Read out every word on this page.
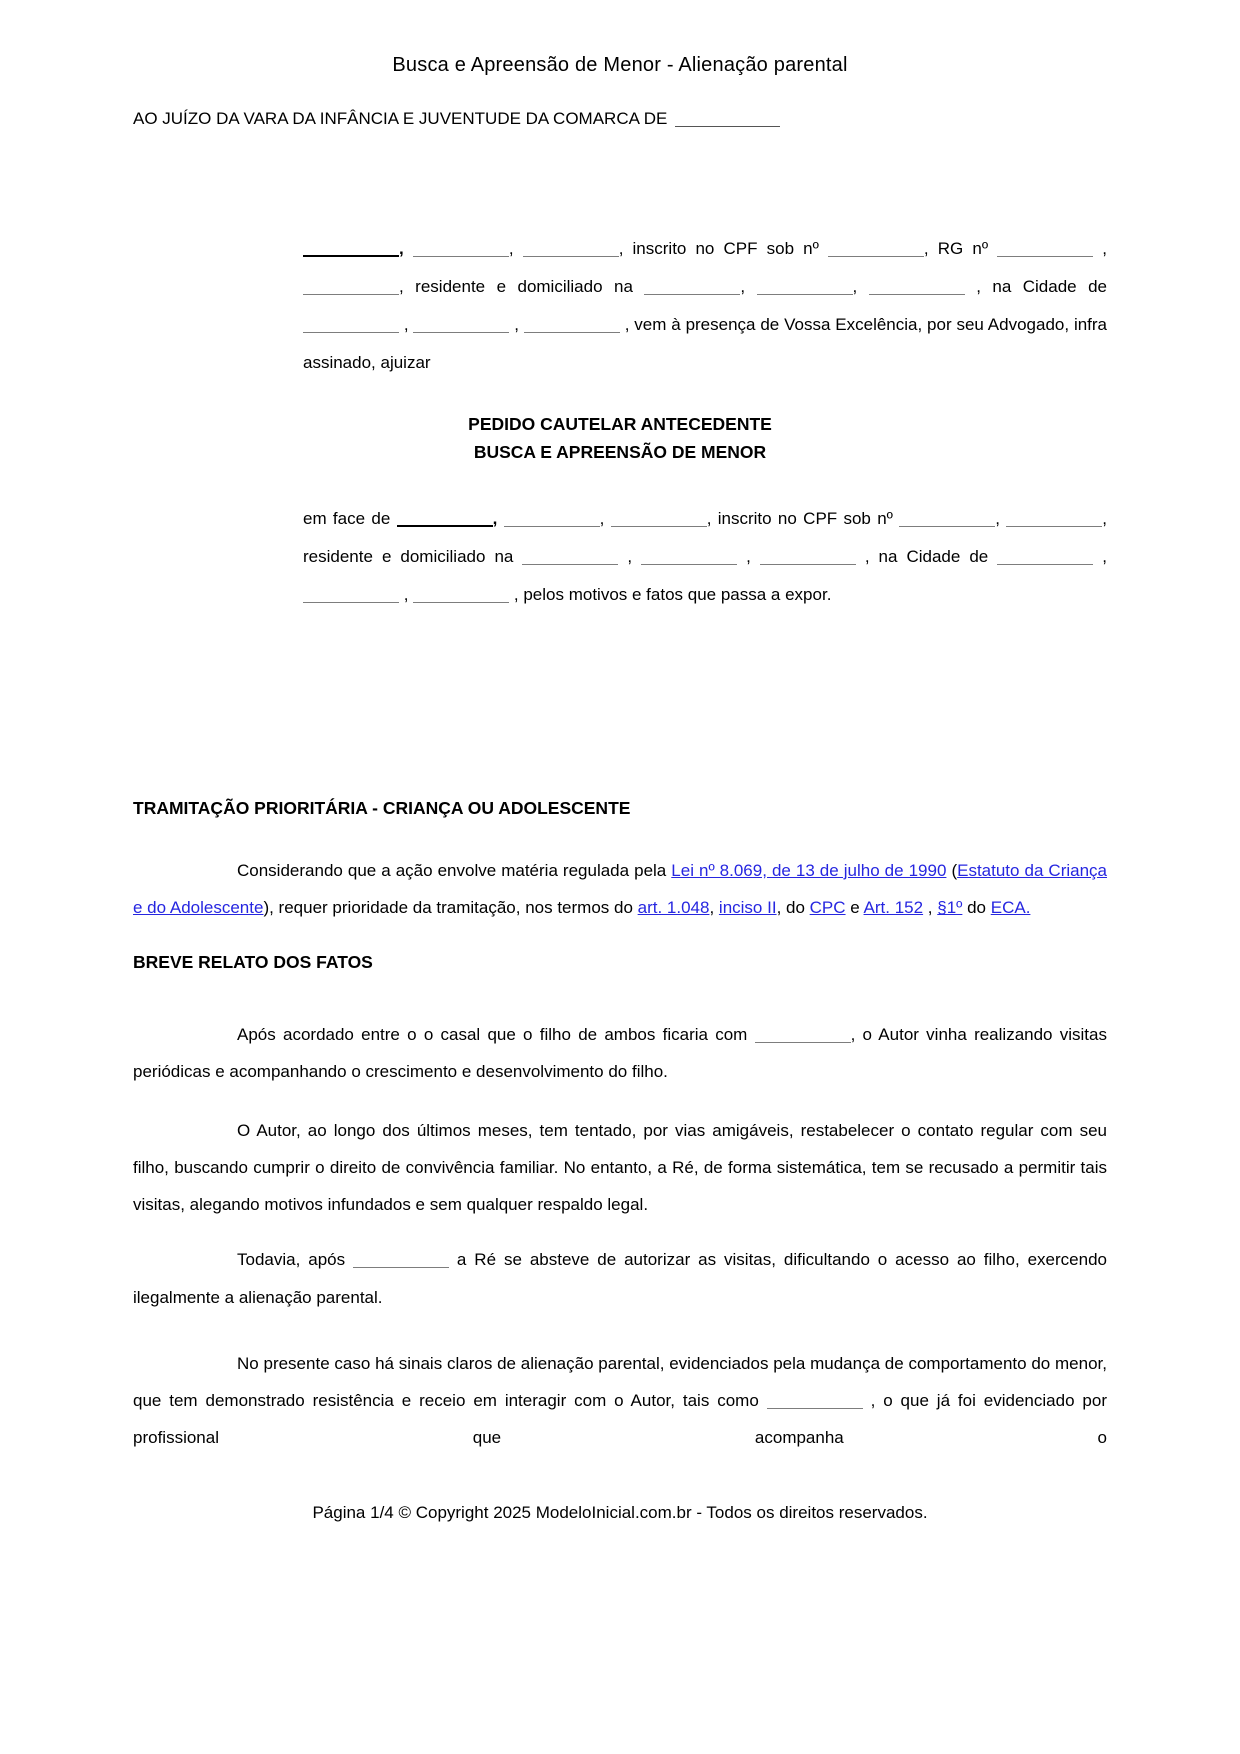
Busca e Apreensão de Menor - Alienação parental
AO JUÍZO DA VARA DA INFÂNCIA E JUVENTUDE DA COMARCA DE

,	,	, inscrito no CPF sob nº	, RG nº	, , residente e domiciliado na	,	,	, na Cidade de  ,	,	, vem à presença de Vossa Excelência, por seu Advogado, infra assinado, ajuizar

PEDIDO CAUTELAR ANTECEDENTE
BUSCA E APREENSÃO DE MENOR

em face de	,	,	, inscrito no CPF sob nº	,	, residente e domiciliado na	,	,	, na Cidade de	,  ,	, pelos motivos e fatos que passa a expor.

TRAMITAÇÃO PRIORITÁRIA - CRIANÇA OU ADOLESCENTE

Considerando que a ação envolve matéria regulada pela Lei nº 8.069, de 13 de julho de 1990 (Estatuto da Criança e do Adolescente), requer prioridade da tramitação, nos termos do art. 1.048, inciso II, do CPC e Art. 152 , §1º do ECA.

BREVE RELATO DOS FATOS

Após acordado entre o o casal que o filho de ambos ficaria com	, o Autor vinha realizando visitas periódicas e acompanhando o crescimento e desenvolvimento do filho.

O Autor, ao longo dos últimos meses, tem tentado, por vias amigáveis, restabelecer o contato regular com seu filho, buscando cumprir o direito de convivência familiar. No entanto, a Ré, de forma sistemática, tem se recusado a permitir tais visitas, alegando motivos infundados e sem qualquer respaldo legal.

Todavia, após	a Ré se absteve de autorizar as visitas, dificultando o acesso ao filho, exercendo ilegalmente a alienação parental.

No presente caso há sinais claros de alienação parental, evidenciados pela mudança de comportamento do menor, que tem demonstrado resistência e receio em interagir com o Autor, tais como	, o que já foi evidenciado por profissional que acompanha o

Página 1/4 © Copyright 2025 ModeloInicial.com.br - Todos os direitos reservados.
